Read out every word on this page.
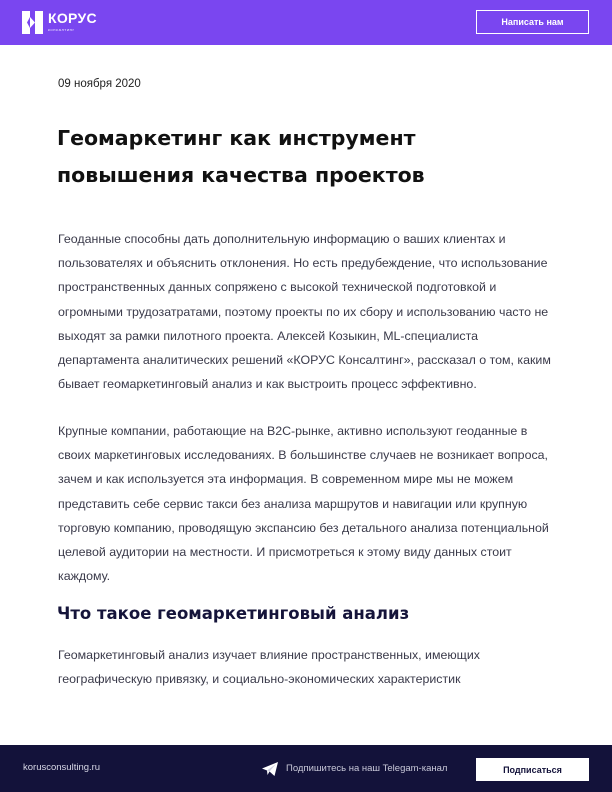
КОРУС
консалтинг
Написать нам
09 ноября 2020
Геомаркетинг как инструмент повышения качества проектов

Геоданные способны дать дополнительную информацию о ваших клиентах и пользователях и объяснить отклонения. Но есть предубеждение, что использование пространственных данных сопряжено с высокой технической подготовкой и огромными трудозатратами, поэтому проекты по их сбору и использованию часто не выходят за рамки пилотного проекта. Алексей Козыкин, ML-специалиста департамента аналитических решений «КОРУС Консалтинг», рассказал о том, каким бывает геомаркетинговый анализ и как выстроить процесс эффективно.

Крупные компании, работающие на B2C-рынке, активно используют геоданные в своих маркетинговых исследованиях. В большинстве случаев не возникает вопроса, зачем и как используется эта информация. В современном мире мы не можем представить себе сервис такси без анализа маршрутов и навигации или крупную торговую компанию, проводящую экспансию без детального анализа потенциальной целевой аудитории на местности. И присмотреться к этому виду данных стоит каждому.

Что такое геомаркетинговый анализ

Геомаркетинговый анализ изучает влияние пространственных, имеющих географическую привязку, и социально-экономических характеристик

korusconsulting.ru	Подпишитесь на наш Telegam-канал	Подписаться
